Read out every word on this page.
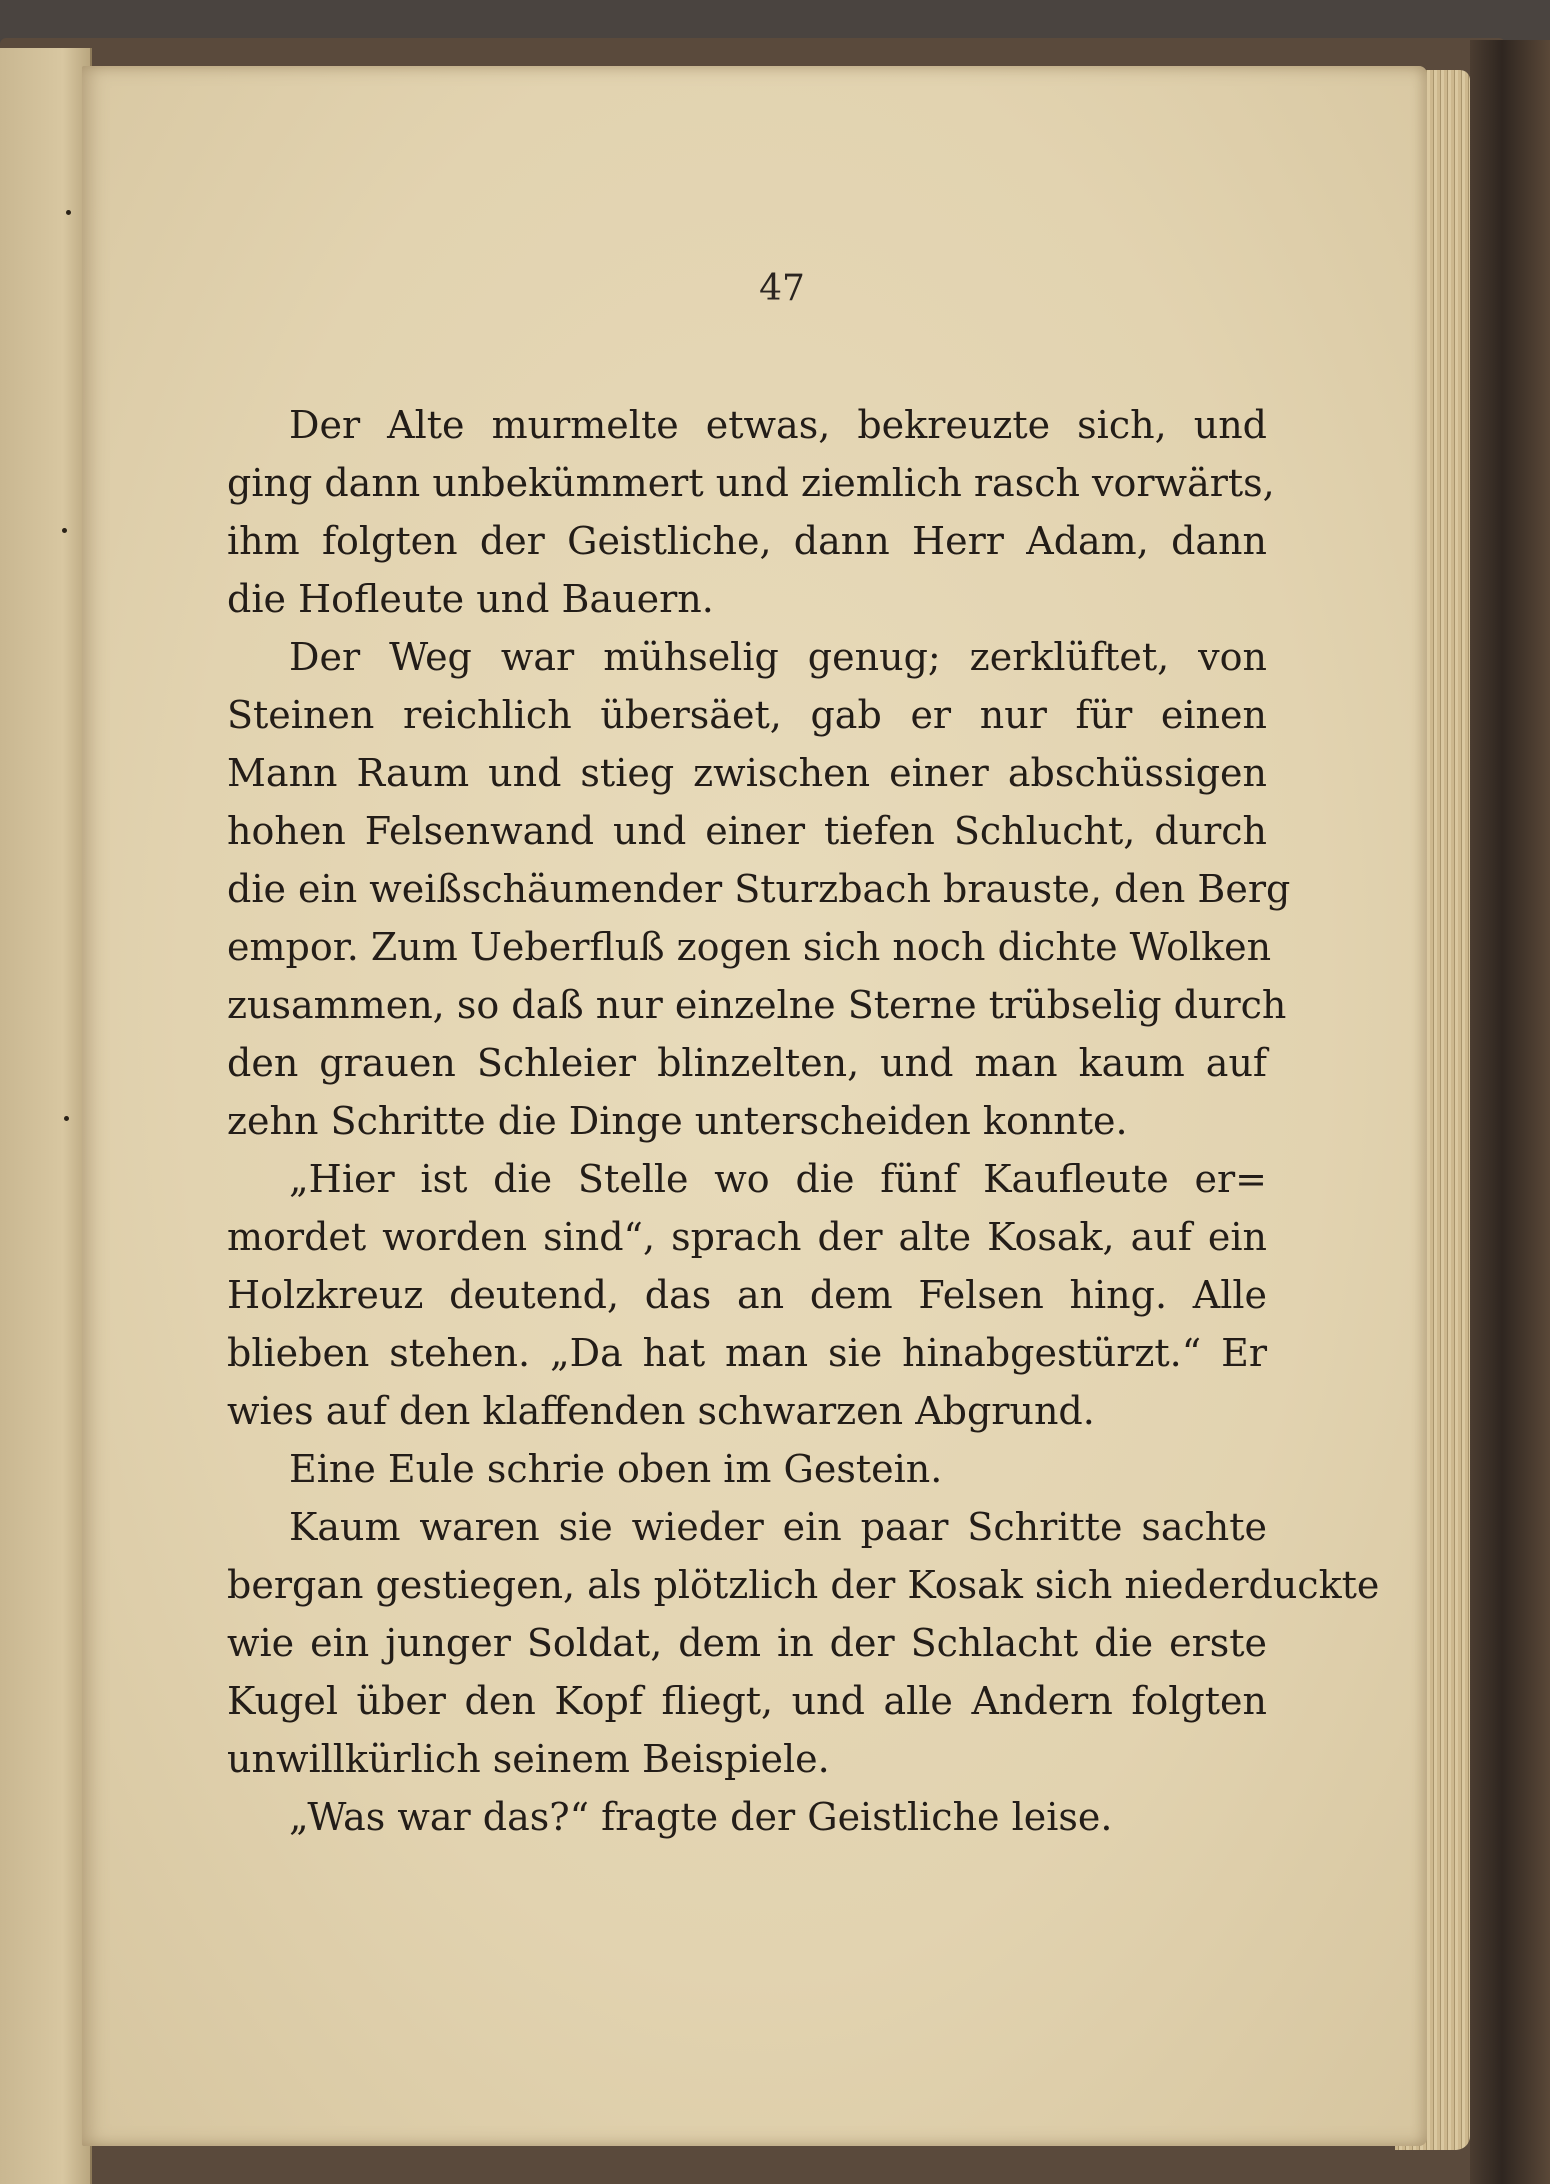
47
Der Alte murmelte etwas, bekreuzte sich, und
ging dann unbekümmert und ziemlich rasch vorwärts,
ihm folgten der Geistliche, dann Herr Adam, dann
die Hofleute und Bauern.
Der Weg war mühselig genug; zerklüftet, von
Steinen reichlich übersäet, gab er nur für einen
Mann Raum und stieg zwischen einer abschüssigen
hohen Felsenwand und einer tiefen Schlucht, durch
die ein weißschäumender Sturzbach brauste, den Berg
empor. Zum Ueberfluß zogen sich noch dichte Wolken
zusammen, so daß nur einzelne Sterne trübselig durch
den grauen Schleier blinzelten, und man kaum auf
zehn Schritte die Dinge unterscheiden konnte.
„Hier ist die Stelle wo die fünf Kaufleute er=
mordet worden sind“, sprach der alte Kosak, auf ein
Holzkreuz deutend, das an dem Felsen hing. Alle
blieben stehen. „Da hat man sie hinabgestürzt.“ Er
wies auf den klaffenden schwarzen Abgrund.
Eine Eule schrie oben im Gestein.
Kaum waren sie wieder ein paar Schritte sachte
bergan gestiegen, als plötzlich der Kosak sich niederduckte
wie ein junger Soldat, dem in der Schlacht die erste
Kugel über den Kopf fliegt, und alle Andern folgten
unwillkürlich seinem Beispiele.
„Was war das?“ fragte der Geistliche leise.
